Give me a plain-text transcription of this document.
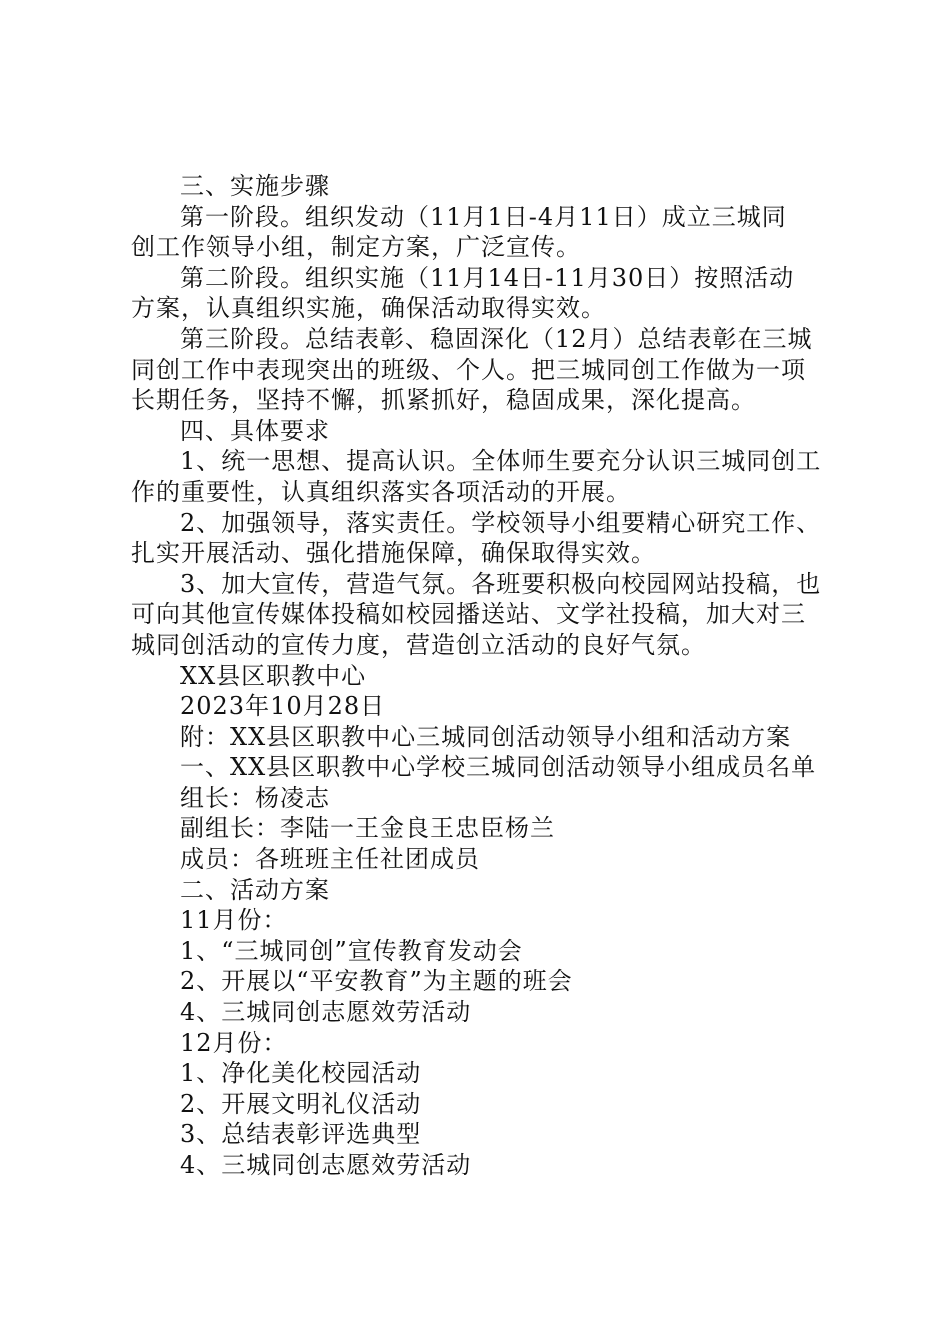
三、实施步骤
第一阶段。组织发动（11月1日-4月11日）成立三城同
创工作领导小组，制定方案，广泛宣传。
第二阶段。组织实施（11月14日-11月30日）按照活动
方案，认真组织实施，确保活动取得实效。
第三阶段。总结表彰、稳固深化（12月）总结表彰在三城
同创工作中表现突出的班级、个人。把三城同创工作做为一项
长期任务，坚持不懈，抓紧抓好，稳固成果，深化提高。
四、具体要求
1、统一思想、提高认识。全体师生要充分认识三城同创工
作的重要性，认真组织落实各项活动的开展。
2、加强领导，落实责任。学校领导小组要精心研究工作、
扎实开展活动、强化措施保障，确保取得实效。
3、加大宣传，营造气氛。各班要积极向校园网站投稿，也
可向其他宣传媒体投稿如校园播送站、文学社投稿，加大对三
城同创活动的宣传力度，营造创立活动的良好气氛。
XX县区职教中心
2023年10月28日
附：XX县区职教中心三城同创活动领导小组和活动方案
一、XX县区职教中心学校三城同创活动领导小组成员名单
组长：杨凌志
副组长：李陆一王金良王忠臣杨兰
成员：各班班主任社团成员
二、活动方案
11月份：
1、“三城同创”宣传教育发动会
2、开展以“平安教育”为主题的班会
4、三城同创志愿效劳活动
12月份：
1、净化美化校园活动
2、开展文明礼仪活动
3、总结表彰评选典型
4、三城同创志愿效劳活动
